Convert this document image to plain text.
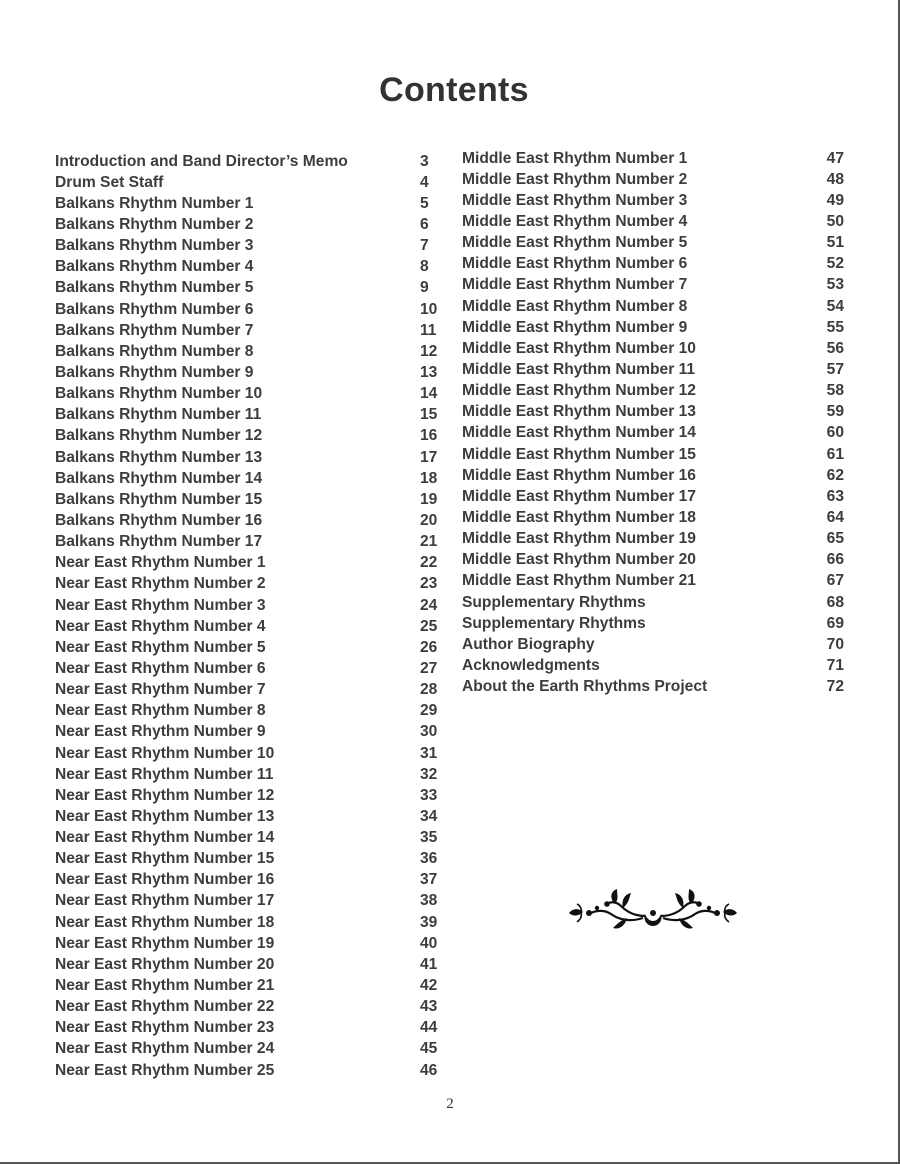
Contents
Introduction and Band Director’s Memo	3
Drum Set Staff	4
Balkans Rhythm Number 1	5
Balkans Rhythm Number 2	6
Balkans Rhythm Number 3	7
Balkans Rhythm Number 4	8
Balkans Rhythm Number 5	9
Balkans Rhythm Number 6	10
Balkans Rhythm Number 7	11
Balkans Rhythm Number 8	12
Balkans Rhythm Number 9	13
Balkans Rhythm Number 10	14
Balkans Rhythm Number 11	15
Balkans Rhythm Number 12	16
Balkans Rhythm Number 13	17
Balkans Rhythm Number 14	18
Balkans Rhythm Number 15	19
Balkans Rhythm Number 16	20
Balkans Rhythm Number 17	21
Near East Rhythm Number 1	22
Near East Rhythm Number 2	23
Near East Rhythm Number 3	24
Near East Rhythm Number 4	25
Near East Rhythm Number 5	26
Near East Rhythm Number 6	27
Near East Rhythm Number 7	28
Near East Rhythm Number 8	29
Near East Rhythm Number 9	30
Near East Rhythm Number 10	31
Near East Rhythm Number 11	32
Near East Rhythm Number 12	33
Near East Rhythm Number 13	34
Near East Rhythm Number 14	35
Near East Rhythm Number 15	36
Near East Rhythm Number 16	37
Near East Rhythm Number 17	38
Near East Rhythm Number 18	39
Near East Rhythm Number 19	40
Near East Rhythm Number 20	41
Near East Rhythm Number 21	42
Near East Rhythm Number 22	43
Near East Rhythm Number 23	44
Near East Rhythm Number 24	45
Near East Rhythm Number 25	46
Middle East Rhythm Number 1	47
Middle East Rhythm Number 2	48
Middle East Rhythm Number 3	49
Middle East Rhythm Number 4	50
Middle East Rhythm Number 5	51
Middle East Rhythm Number 6	52
Middle East Rhythm Number 7	53
Middle East Rhythm Number 8	54
Middle East Rhythm Number 9	55
Middle East Rhythm Number 10	56
Middle East Rhythm Number 11	57
Middle East Rhythm Number 12	58
Middle East Rhythm Number 13	59
Middle East Rhythm Number 14	60
Middle East Rhythm Number 15	61
Middle East Rhythm Number 16	62
Middle East Rhythm Number 17	63
Middle East Rhythm Number 18	64
Middle East Rhythm Number 19	65
Middle East Rhythm Number 20	66
Middle East Rhythm Number 21	67
Supplementary Rhythms	68
Supplementary Rhythms	69
Author Biography	70
Acknowledgments	71
About the Earth Rhythms Project	72
2
